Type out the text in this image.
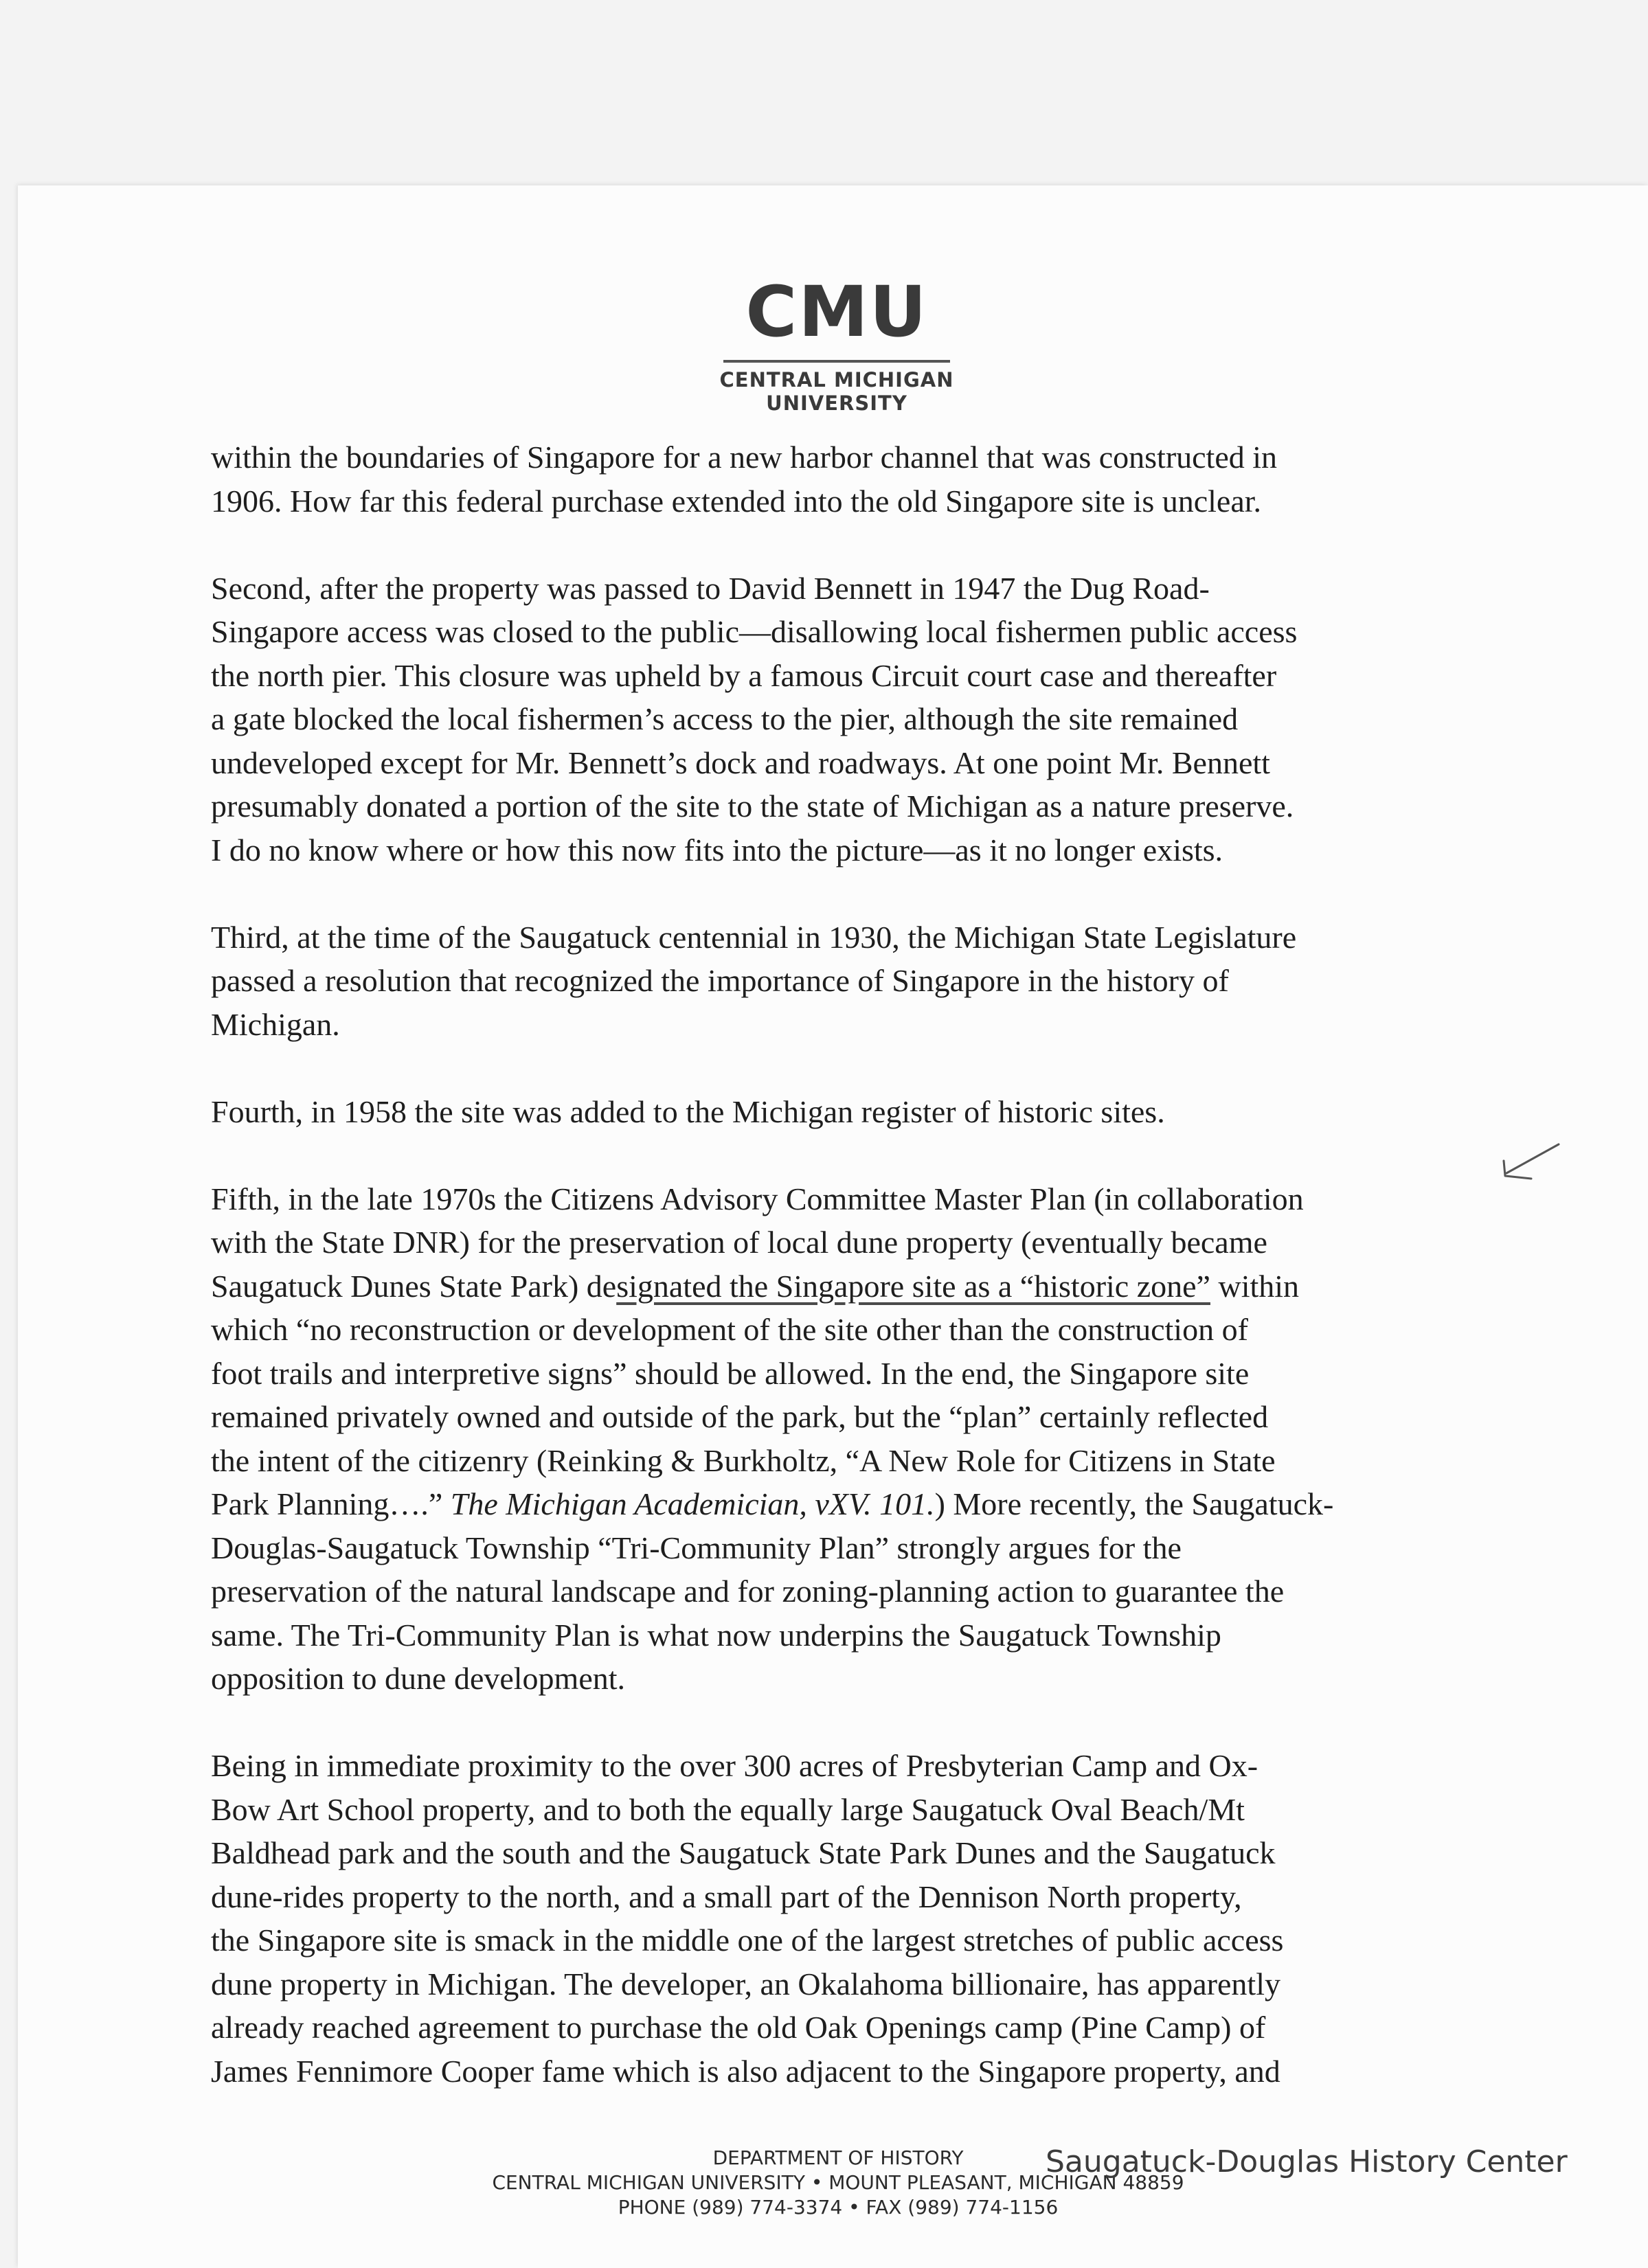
CMU
CENTRAL MICHIGAN
UNIVERSITY

within the boundaries of Singapore for a new harbor channel that was constructed in
1906. How far this federal purchase extended into the old Singapore site is unclear.

Second, after the property was passed to David Bennett in 1947 the Dug Road-
Singapore access was closed to the public—disallowing local fishermen public access
the north pier. This closure was upheld by a famous Circuit court case and thereafter
a gate blocked the local fishermen’s access to the pier, although the site remained
undeveloped except for Mr. Bennett’s dock and roadways. At one point Mr. Bennett
presumably donated a portion of the site to the state of Michigan as a nature preserve.
I do no know where or how this now fits into the picture—as it no longer exists.

Third, at the time of the Saugatuck centennial in 1930, the Michigan State Legislature
passed a resolution that recognized the importance of Singapore in the history of
Michigan.

Fourth, in 1958 the site was added to the Michigan register of historic sites.

Fifth, in the late 1970s the Citizens Advisory Committee Master Plan (in collaboration
with the State DNR) for the preservation of local dune property (eventually became
Saugatuck Dunes State Park) designated the Singapore site as a “historic zone” within
which “no reconstruction or development of the site other than the construction of
foot trails and interpretive signs” should be allowed. In the end, the Singapore site
remained privately owned and outside of the park, but the “plan” certainly reflected
the intent of the citizenry (Reinking & Burkholtz, “A New Role for Citizens in State
Park Planning….” The Michigan Academician, vXV. 101.) More recently, the Saugatuck-
Douglas-Saugatuck Township “Tri-Community Plan” strongly argues for the
preservation of the natural landscape and for zoning-planning action to guarantee the
same. The Tri-Community Plan is what now underpins the Saugatuck Township
opposition to dune development.

Being in immediate proximity to the over 300 acres of Presbyterian Camp and Ox-
Bow Art School property, and to both the equally large Saugatuck Oval Beach/Mt
Baldhead park and the south and the Saugatuck State Park Dunes and the Saugatuck
dune-rides property to the north, and a small part of the Dennison North property,
the Singapore site is smack in the middle one of the largest stretches of public access
dune property in Michigan. The developer, an Okalahoma billionaire, has apparently
already reached agreement to purchase the old Oak Openings camp (Pine Camp) of
James Fennimore Cooper fame which is also adjacent to the Singapore property, and

DEPARTMENT OF HISTORY
CENTRAL MICHIGAN UNIVERSITY • MOUNT PLEASANT, MICHIGAN 48859
PHONE (989) 774-3374 • FAX (989) 774-1156
Saugatuck-Douglas History Center
